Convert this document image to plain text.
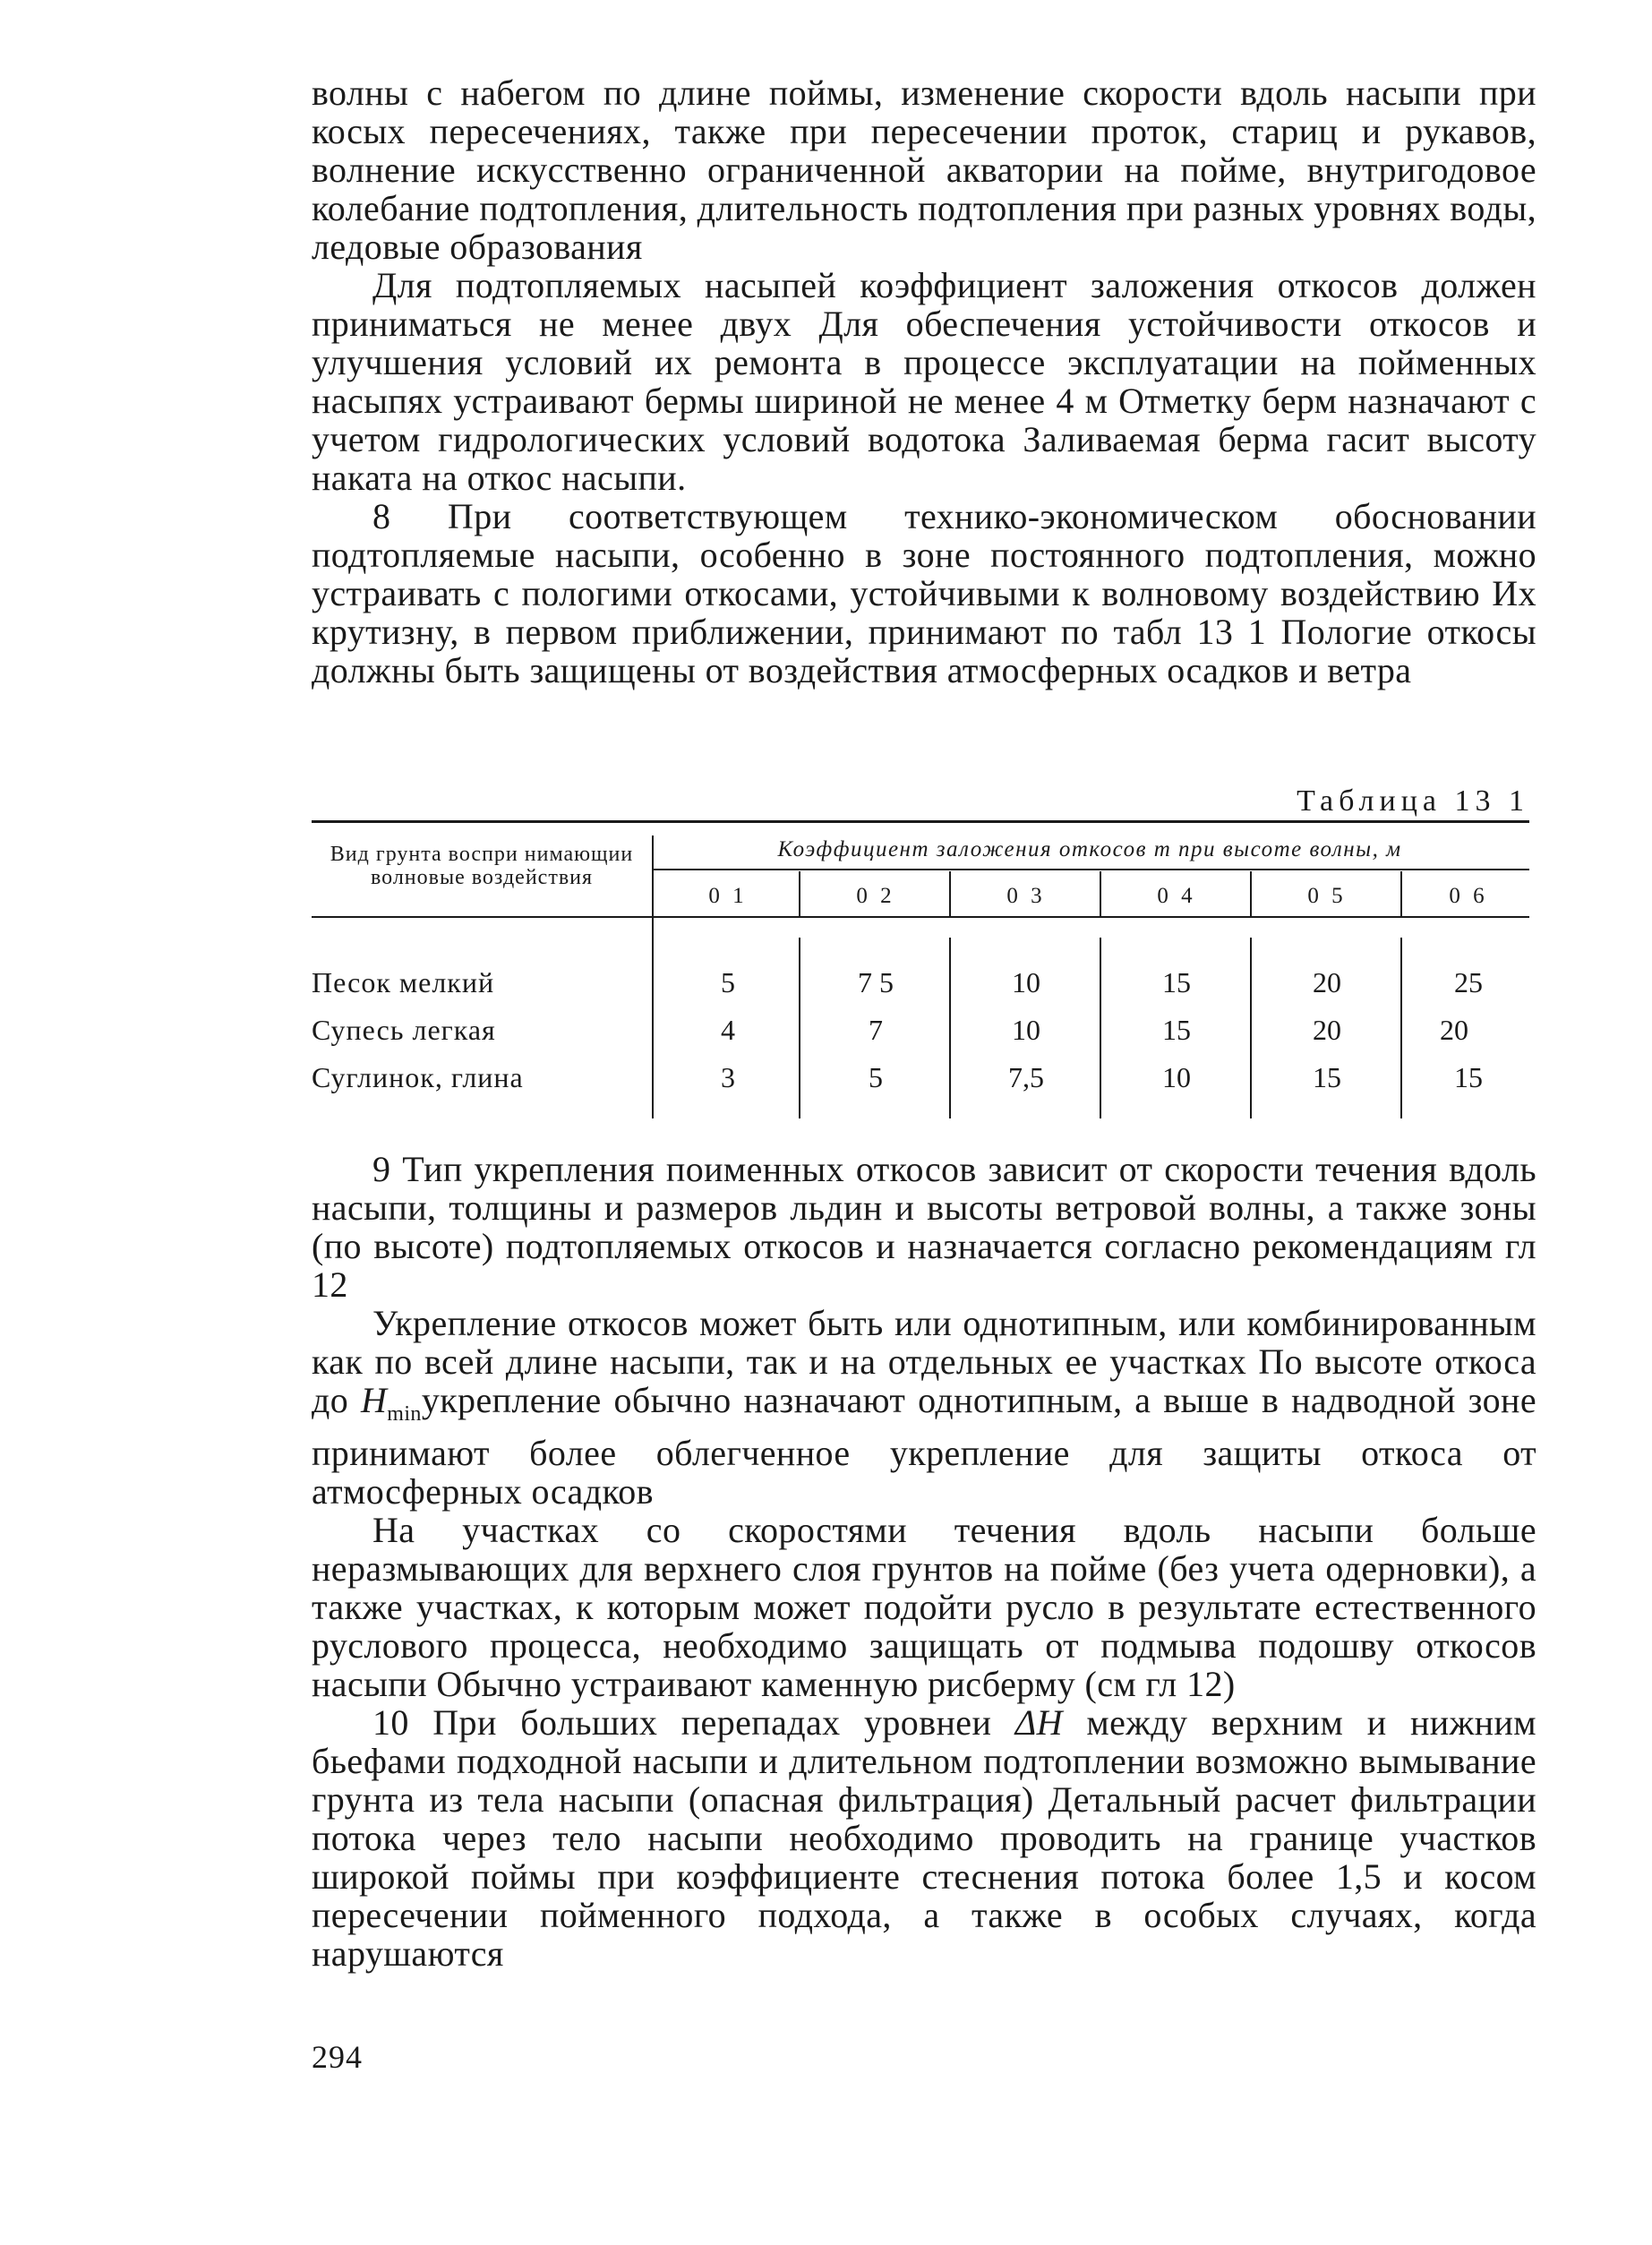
волны с набегом по длине поймы, изменение скорости вдоль насыпи при косых пересечениях, также при пересечении проток, стариц и рукавов, волнение искусственно ограниченной акватории на пойме, внутригодовое колебание подтопления, длительность подтопления при разных уровнях воды, ледовые образования

Для подтопляемых насыпей коэффициент заложения откосов должен приниматься не менее двух Для обеспечения устойчивости откосов и улучшения условий их ремонта в процессе эксплуатации на пойменных насыпях устраивают бермы шириной не менее 4 м Отметку берм назначают с учетом гидрологических условий водотока Заливаемая берма гасит высоту наката на откос насыпи.

8 При соответствующем технико-экономическом обосновании подтопляемые насыпи, особенно в зоне постоянного подтопления, можно устраивать с пологими откосами, устойчивыми к волновому воздействию Их крутизну, в первом приближении, принимают по табл 13 1 Пологие откосы должны быть защищены от воздействия атмосферных осадков и ветра

Таблица 13 1
Вид грунта воспри нимающии волновые воздействия
Коэффициент заложения откосов m при высоте волны, м
0 1	0 2	0 3	0 4	0 5	0 6
Песок мелкий	5	7 5	10	15	20	25
Супесь легкая	4	7	10	15	20	20
Суглинок, глина	3	5	7,5	10	15	15

9 Тип укрепления поименных откосов зависит от скорости течения вдоль насыпи, толщины и размеров льдин и высоты ветровой волны, а также зоны (по высоте) подтопляемых откосов и назначается согласно рекомендациям гл 12

Укрепление откосов может быть или однотипным, или комбинированным как по всей длине насыпи, так и на отдельных ее участках По высоте откоса до $H_{min}укрепление$ обычно назначают однотипным, а выше в надводной зоне принимают более облегченное укрепление для защиты откоса от атмосферных осадков

На участках со скоростями течения вдоль насыпи больше неразмывающих для верхнего слоя грунтов на пойме (без учета одерновки), а также участках, к которым может подойти русло в результате естественного руслового процесса, необходимо защищать от подмыва подошву откосов насыпи Обычно устраивают каменную рисберму (см гл 12)

10 При больших перепадах уровнеи ΔH между верхним и нижним бьефами подходной насыпи и длительном подтоплении возможно вымывание грунта из тела насыпи (опасная фильтрация) Детальный расчет фильтрации потока через тело насыпи необходимо проводить на границе участков широкой поймы при коэффициенте стеснения потока более 1,5 и косом пересечении пойменного подхода, а также в особых случаях, когда нарушаются

294
